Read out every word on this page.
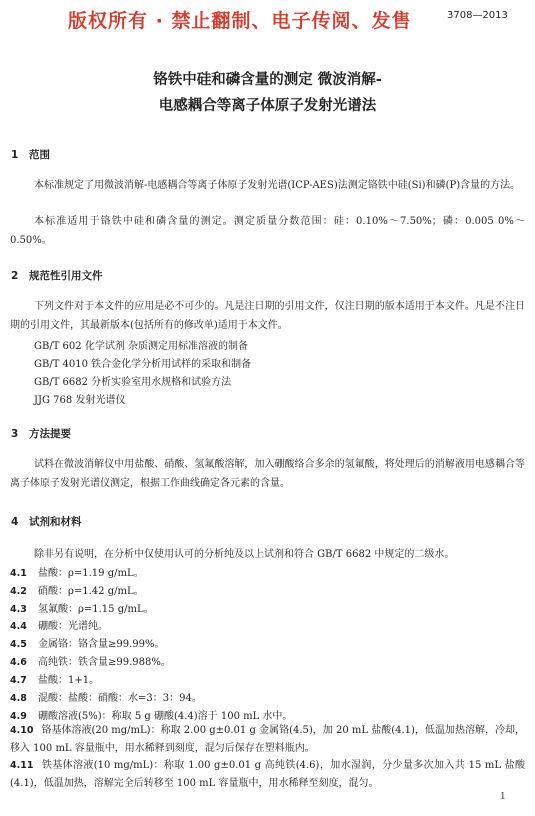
版权所有 · 禁止翻制、电子传阅、发售	3708—2013
铬铁中硅和磷含量的测定 微波消解-
电感耦合等离子体原子发射光谱法
1 范围
本标准规定了用微波消解-电感耦合等离子体原子发射光谱(ICP-AES)法测定铬铁中硅(Si)和磷(P)含量的方法。
本标准适用于铬铁中硅和磷含量的测定。测定质量分数范围：硅：0.10%～7.50%；磷：0.005 0%～0.50%。
2 规范性引用文件
下列文件对于本文件的应用是必不可少的。凡是注日期的引用文件，仅注日期的版本适用于本文件。凡是不注日期的引用文件，其最新版本(包括所有的修改单)适用于本文件。
GB/T 602 化学试剂 杂质测定用标准溶液的制备
GB/T 4010 铁合金化学分析用试样的采取和制备
GB/T 6682 分析实验室用水规格和试验方法
JJG 768 发射光谱仪
3 方法提要
试料在微波消解仪中用盐酸、硝酸、氢氟酸溶解，加入硼酸络合多余的氢氟酸，将处理后的消解液用电感耦合等离子体原子发射光谱仪测定，根据工作曲线确定各元素的含量。
4 试剂和材料
除非另有说明，在分析中仅使用认可的分析纯及以上试剂和符合 GB/T 6682 中规定的二级水。
4.1 盐酸：ρ=1.19 g/mL。
4.2 硝酸：ρ=1.42 g/mL。
4.3 氢氟酸：ρ=1.15 g/mL。
4.4 硼酸：光谱纯。
4.5 金属铬：铬含量≥99.99%。
4.6 高纯铁：铁含量≥99.988%。
4.7 盐酸：1+1。
4.8 混酸：盐酸：硝酸：水=3：3：94。
4.9 硼酸溶液(5%)：称取 5 g 硼酸(4.4)溶于 100 mL 水中。
4.10 铬基体溶液(20 mg/mL)：称取 2.00 g±0.01 g 金属铬(4.5)，加 20 mL 盐酸(4.1)，低温加热溶解，冷却，移入 100 mL 容量瓶中，用水稀释到刻度，混匀后保存在塑料瓶内。
4.11 铁基体溶液(10 mg/mL)：称取 1.00 g±0.01 g 高纯铁(4.6)，加水湿润，分少量多次加入共 15 mL 盐酸(4.1)，低温加热，溶解完全后转移至 100 mL 容量瓶中，用水稀释至刻度，混匀。
1
